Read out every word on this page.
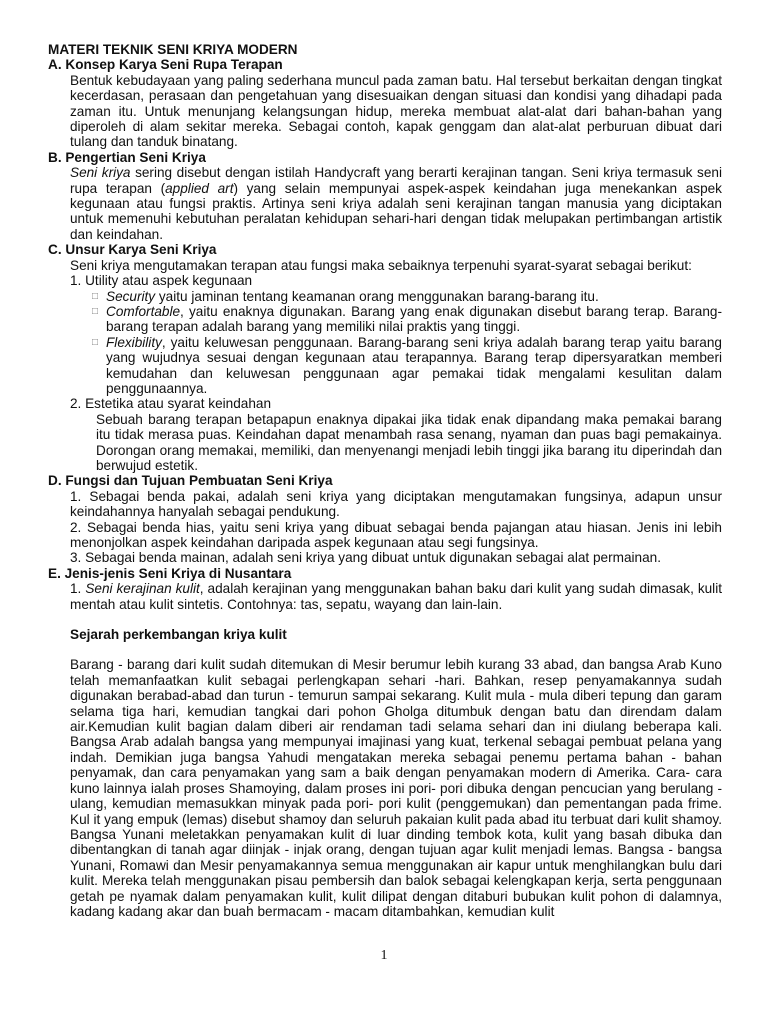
MATERI TEKNIK SENI KRIYA MODERN

A. Konsep Karya Seni Rupa Terapan

Bentuk kebudayaan yang paling sederhana muncul pada zaman batu. Hal tersebut berkaitan dengan tingkat kecerdasan, perasaan dan pengetahuan yang disesuaikan dengan situasi dan kondisi yang dihadapi pada zaman itu. Untuk menunjang kelangsungan hidup, mereka membuat alat-alat dari bahan-bahan yang diperoleh di alam sekitar mereka. Sebagai contoh, kapak genggam dan alat-alat perburuan dibuat dari tulang dan tanduk binatang.

B. Pengertian Seni Kriya

Seni kriya sering disebut dengan istilah Handycraft yang berarti kerajinan tangan. Seni kriya termasuk seni rupa terapan (applied art) yang selain mempunyai aspek-aspek keindahan juga menekankan aspek kegunaan atau fungsi praktis. Artinya seni kriya adalah seni kerajinan tangan manusia yang diciptakan untuk memenuhi kebutuhan peralatan kehidupan sehari-hari dengan tidak melupakan pertimbangan artistik dan keindahan.

C. Unsur Karya Seni Kriya

Seni kriya mengutamakan terapan atau fungsi maka sebaiknya terpenuhi syarat-syarat sebagai berikut:

1. Utility atau aspek kegunaan

□ Security yaitu jaminan tentang keamanan orang menggunakan barang-barang itu.
□ Comfortable, yaitu enaknya digunakan. Barang yang enak digunakan disebut barang terap. Barang-barang terapan adalah barang yang memiliki nilai praktis yang tinggi.
□ Flexibility, yaitu keluwesan penggunaan. Barang-barang seni kriya adalah barang terap yaitu barang yang wujudnya sesuai dengan kegunaan atau terapannya. Barang terap dipersyaratkan memberi kemudahan dan keluwesan penggunaan agar pemakai tidak mengalami kesulitan dalam penggunaannya.

2. Estetika atau syarat keindahan

Sebuah barang terapan betapapun enaknya dipakai jika tidak enak dipandang maka pemakai barang itu tidak merasa puas. Keindahan dapat menambah rasa senang, nyaman dan puas bagi pemakainya. Dorongan orang memakai, memiliki, dan menyenangi menjadi lebih tinggi jika barang itu diperindah dan berwujud estetik.

D. Fungsi dan Tujuan Pembuatan Seni Kriya

1. Sebagai benda pakai, adalah seni kriya yang diciptakan mengutamakan fungsinya, adapun unsur keindahannya hanyalah sebagai pendukung.

2. Sebagai benda hias, yaitu seni kriya yang dibuat sebagai benda pajangan atau hiasan. Jenis ini lebih menonjolkan aspek keindahan daripada aspek kegunaan atau segi fungsinya.

3. Sebagai benda mainan, adalah seni kriya yang dibuat untuk digunakan sebagai alat permainan.

E. Jenis-jenis Seni Kriya di Nusantara

1. Seni kerajinan kulit, adalah kerajinan yang menggunakan bahan baku dari kulit yang sudah dimasak, kulit mentah atau kulit sintetis. Contohnya: tas, sepatu, wayang dan lain-lain.

Sejarah perkembangan kriya kulit

Barang - barang dari kulit sudah ditemukan di Mesir berumur lebih kurang 33 abad, dan bangsa Arab Kuno telah memanfaatkan kulit sebagai perlengkapan sehari -hari. Bahkan, resep penyamakannya sudah digunakan berabad-abad dan turun - temurun sampai sekarang. Kulit mula - mula diberi tepung dan garam selama tiga hari, kemudian tangkai dari pohon Gholga ditumbuk dengan batu dan direndam dalam air.Kemudian kulit bagian dalam diberi air rendaman tadi selama sehari dan ini diulang beberapa kali. Bangsa Arab adalah bangsa yang mempunyai imajinasi yang kuat, terkenal sebagai pembuat pelana yang indah. Demikian juga bangsa Yahudi mengatakan mereka sebagai penemu pertama bahan - bahan penyamak, dan cara penyamakan yang sam a baik dengan penyamakan modern di Amerika. Cara- cara kuno lainnya ialah proses Shamoying, dalam proses ini pori- pori dibuka dengan pencucian yang berulang - ulang, kemudian memasukkan minyak pada pori- pori kulit (penggemukan) dan pementangan pada frime. Kul it yang empuk (lemas) disebut shamoy dan seluruh pakaian kulit pada abad itu terbuat dari kulit shamoy. Bangsa Yunani meletakkan penyamakan kulit di luar dinding tembok kota, kulit yang basah dibuka dan dibentangkan di tanah agar diinjak - injak orang, dengan tujuan agar kulit menjadi lemas. Bangsa - bangsa Yunani, Romawi dan Mesir penyamakannya semua menggunakan air kapur untuk menghilangkan bulu dari kulit. Mereka telah menggunakan pisau pembersih dan balok sebagai kelengkapan kerja, serta penggunaan getah pe nyamak dalam penyamakan kulit, kulit dilipat dengan ditaburi bubukan kulit pohon di dalamnya, kadang kadang akar dan buah bermacam - macam ditambahkan, kemudian kulit

1
